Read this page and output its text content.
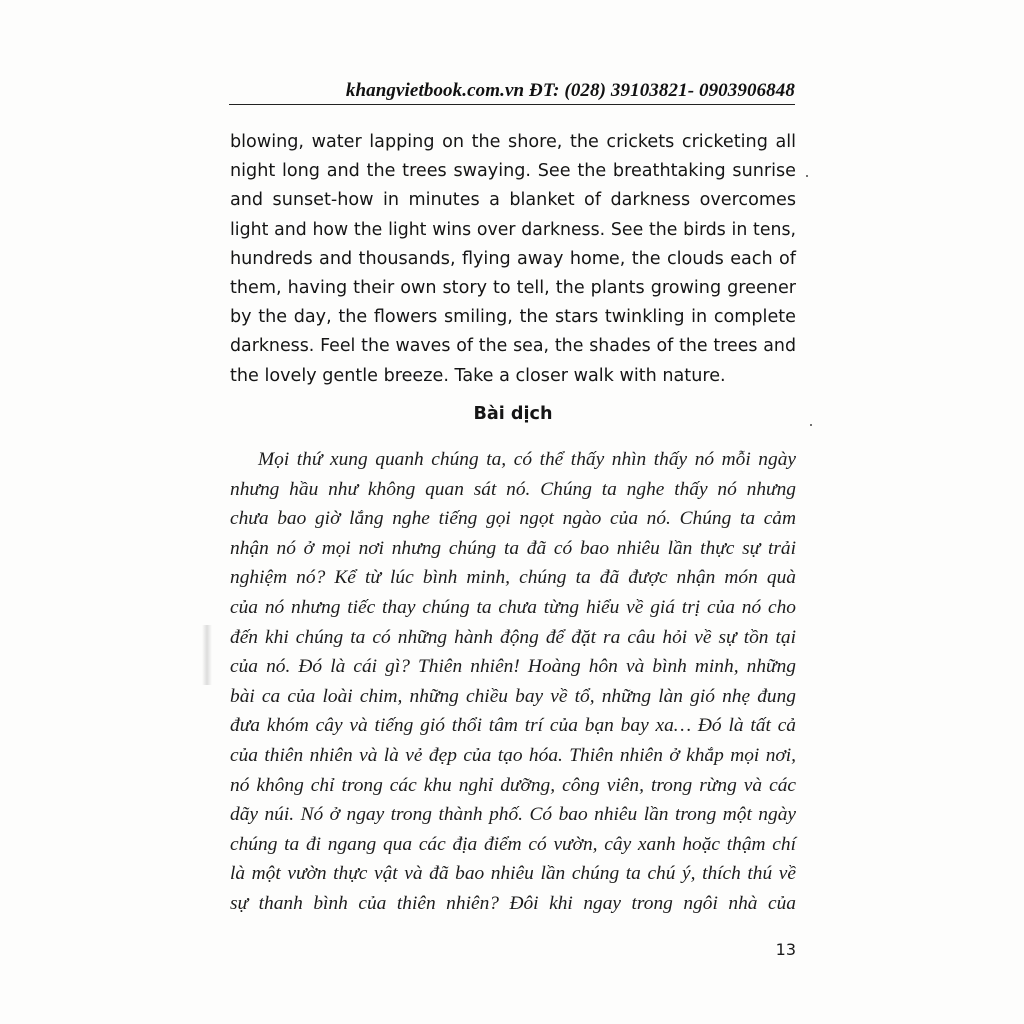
khangvietbook.com.vn ĐT: (028) 39103821- 0903906848
blowing, water lapping on the shore, the crickets cricketing all
night long and the trees swaying. See the breathtaking sunrise
and sunset-how in minutes a blanket of darkness overcomes
light and how the light wins over darkness. See the birds in tens,
hundreds and thousands, flying away home, the clouds each of
them, having their own story to tell, the plants growing greener
by the day, the flowers smiling, the stars twinkling in complete
darkness. Feel the waves of the sea, the shades of the trees and
the lovely gentle breeze. Take a closer walk with nature.
Bài dịch
Mọi thứ xung quanh chúng ta, có thể thấy nhìn thấy nó mỗi ngày
nhưng hầu như không quan sát nó. Chúng ta nghe thấy nó nhưng
chưa bao giờ lắng nghe tiếng gọi ngọt ngào của nó. Chúng ta cảm
nhận nó ở mọi nơi nhưng chúng ta đã có bao nhiêu lần thực sự trải
nghiệm nó? Kể từ lúc bình minh, chúng ta đã được nhận món quà
của nó nhưng tiếc thay chúng ta chưa từng hiểu về giá trị của nó cho
đến khi chúng ta có những hành động để đặt ra câu hỏi về sự tồn tại
của nó. Đó là cái gì? Thiên nhiên! Hoàng hôn và bình minh, những
bài ca của loài chim, những chiều bay về tổ, những làn gió nhẹ đung
đưa khóm cây và tiếng gió thổi tâm trí của bạn bay xa… Đó là tất cả
của thiên nhiên và là vẻ đẹp của tạo hóa. Thiên nhiên ở khắp mọi nơi,
nó không chỉ trong các khu nghỉ dưỡng, công viên, trong rừng và các
dãy núi. Nó ở ngay trong thành phố. Có bao nhiêu lần trong một ngày
chúng ta đi ngang qua các địa điểm có vườn, cây xanh hoặc thậm chí
là một vườn thực vật và đã bao nhiêu lần chúng ta chú ý, thích thú về
sự thanh bình của thiên nhiên? Đôi khi ngay trong ngôi nhà của
13
